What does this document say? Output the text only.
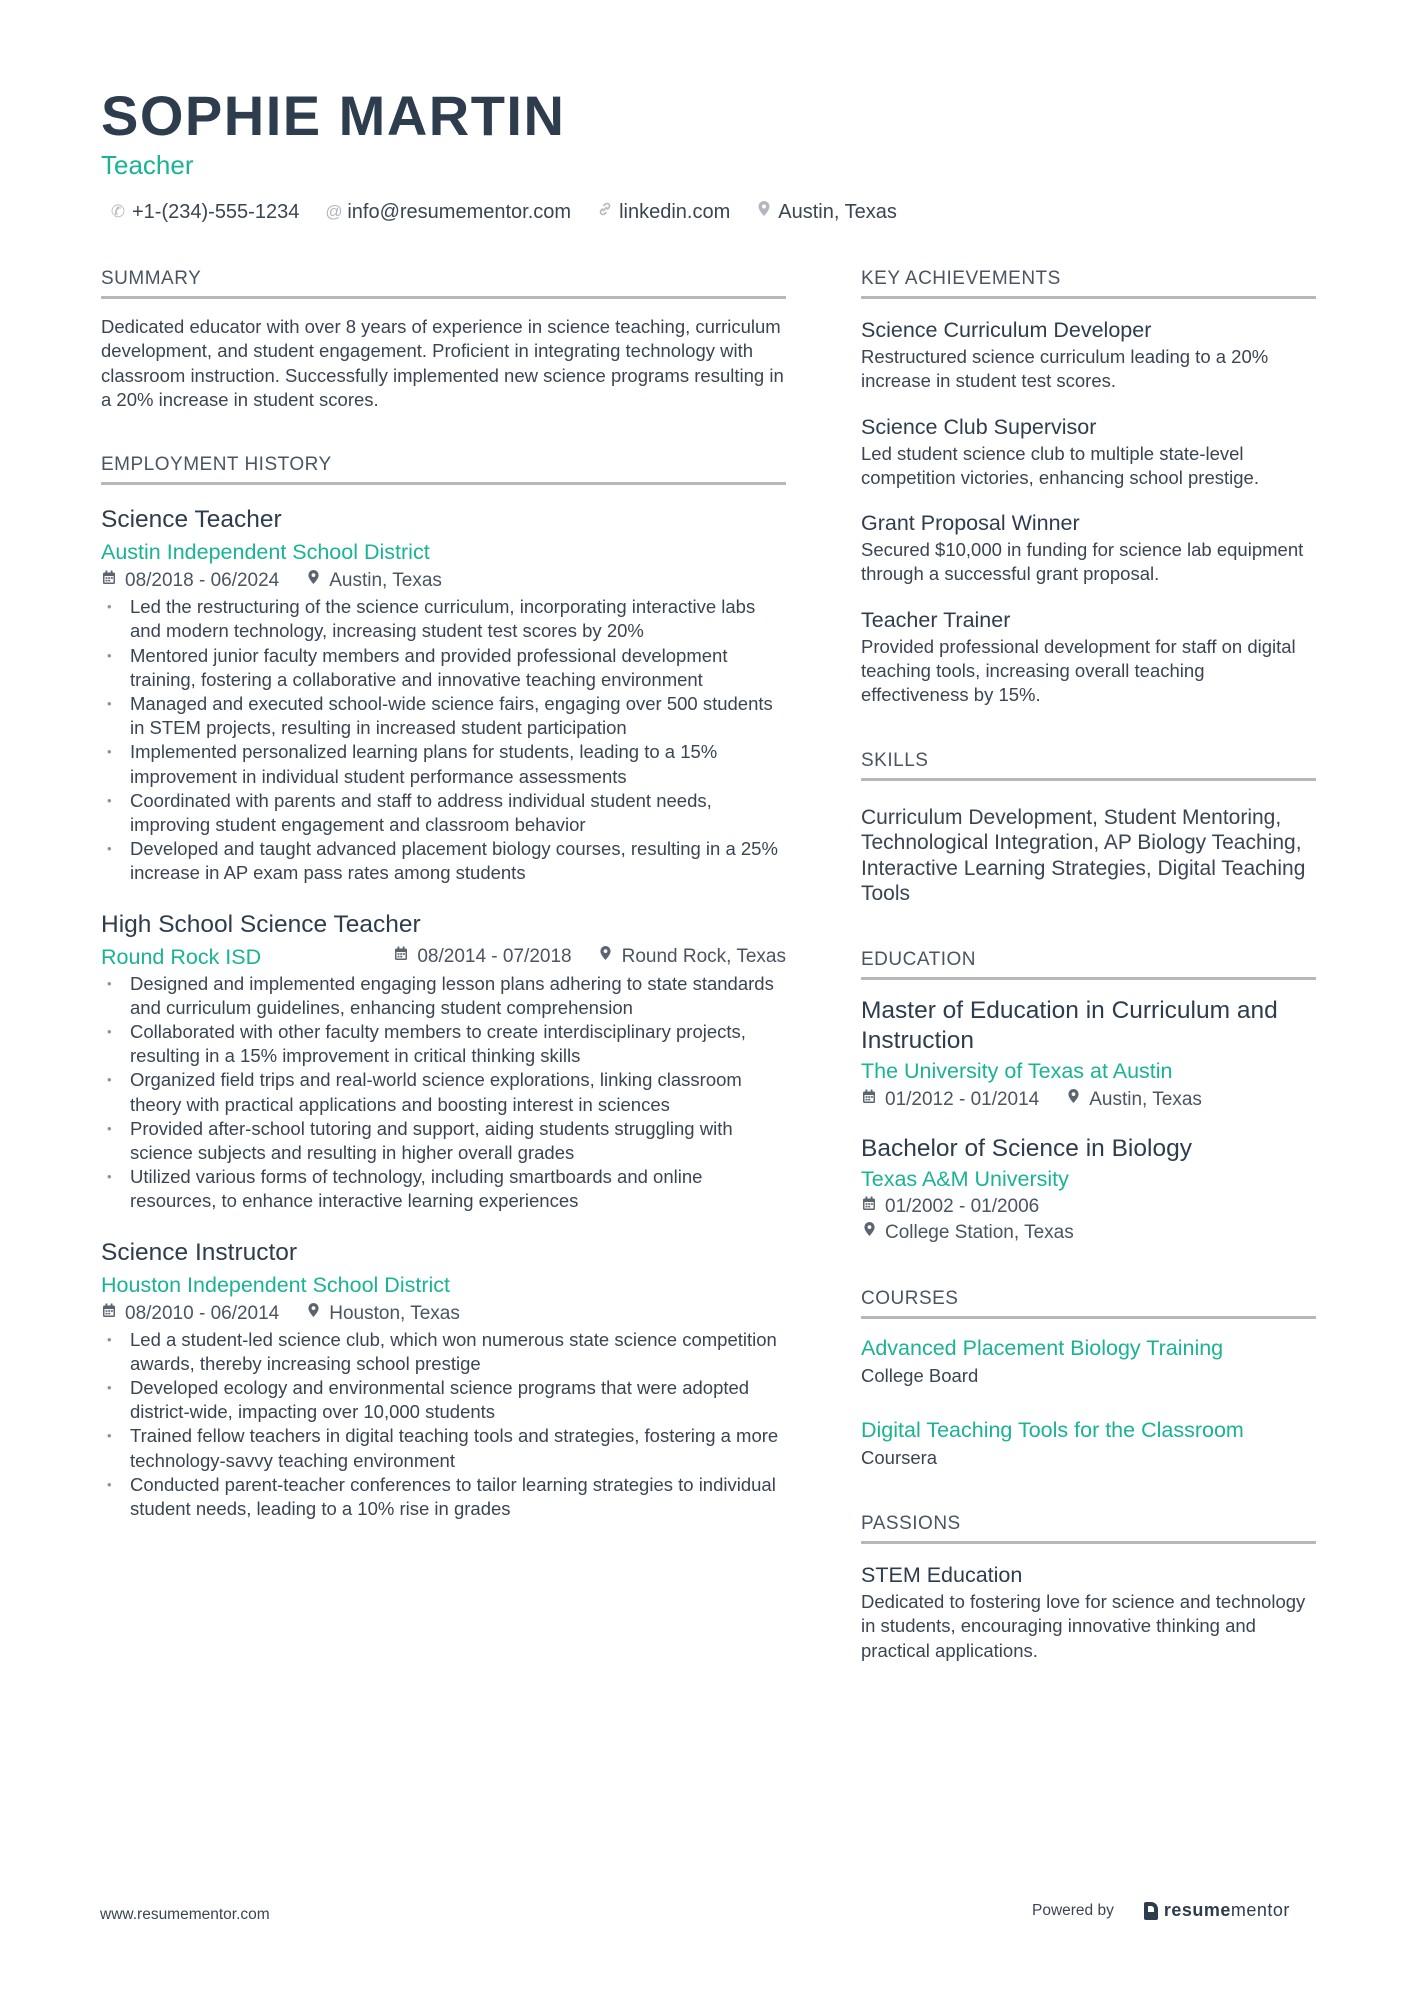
SOPHIE MARTIN
Teacher
✆ +1-(234)-555-1234 @ info@resumementor.com linkedin.com Austin, Texas
SUMMARY

Dedicated educator with over 8 years of experience in science teaching, curriculum development, and student engagement. Proficient in integrating technology with classroom instruction. Successfully implemented new science programs resulting in a 20% increase in student scores.

EMPLOYMENT HISTORY
Science Teacher
Austin Independent School District
08/2018 - 06/2024	Austin, Texas
• Led the restructuring of the science curriculum, incorporating interactive labs and modern technology, increasing student test scores by 20%
• Mentored junior faculty members and provided professional development training, fostering a collaborative and innovative teaching environment
• Managed and executed school-wide science fairs, engaging over 500 students in STEM projects, resulting in increased student participation
• Implemented personalized learning plans for students, leading to a 15% improvement in individual student performance assessments
• Coordinated with parents and staff to address individual student needs, improving student engagement and classroom behavior
• Developed and taught advanced placement biology courses, resulting in a 25% increase in AP exam pass rates among students
High School Science Teacher
Round Rock ISD	08/2014 - 07/2018	Round Rock, Texas
• Designed and implemented engaging lesson plans adhering to state standards and curriculum guidelines, enhancing student comprehension
• Collaborated with other faculty members to create interdisciplinary projects, resulting in a 15% improvement in critical thinking skills
• Organized field trips and real-world science explorations, linking classroom theory with practical applications and boosting interest in sciences
• Provided after-school tutoring and support, aiding students struggling with science subjects and resulting in higher overall grades
• Utilized various forms of technology, including smartboards and online resources, to enhance interactive learning experiences
Science Instructor
Houston Independent School District
08/2010 - 06/2014	Houston, Texas
• Led a student-led science club, which won numerous state science competition awards, thereby increasing school prestige
• Developed ecology and environmental science programs that were adopted district-wide, impacting over 10,000 students
• Trained fellow teachers in digital teaching tools and strategies, fostering a more technology-savvy teaching environment
• Conducted parent-teacher conferences to tailor learning strategies to individual student needs, leading to a 10% rise in grades
KEY ACHIEVEMENTS
Science Curriculum Developer

Restructured science curriculum leading to a 20% increase in student test scores.

Science Club Supervisor

Led student science club to multiple state-level competition victories, enhancing school prestige.

Grant Proposal Winner

Secured $10,000 in funding for science lab equipment through a successful grant proposal.

Teacher Trainer

Provided professional development for staff on digital teaching tools, increasing overall teaching effectiveness by 15%.

SKILLS
Curriculum Development, Student Mentoring, Technological Integration, AP Biology Teaching, Interactive Learning Strategies, Digital Teaching Tools
EDUCATION
Master of Education in Curriculum and Instruction
The University of Texas at Austin
01/2012 - 01/2014	Austin, Texas
Bachelor of Science in Biology
Texas A&M University
01/2002 - 01/2006
College Station, Texas
COURSES
Advanced Placement Biology Training
College Board
Digital Teaching Tools for the Classroom
Coursera
PASSIONS
STEM Education

Dedicated to fostering love for science and technology in students, encouraging innovative thinking and practical applications.

www.resumementor.com	Powered by	resume mentor
